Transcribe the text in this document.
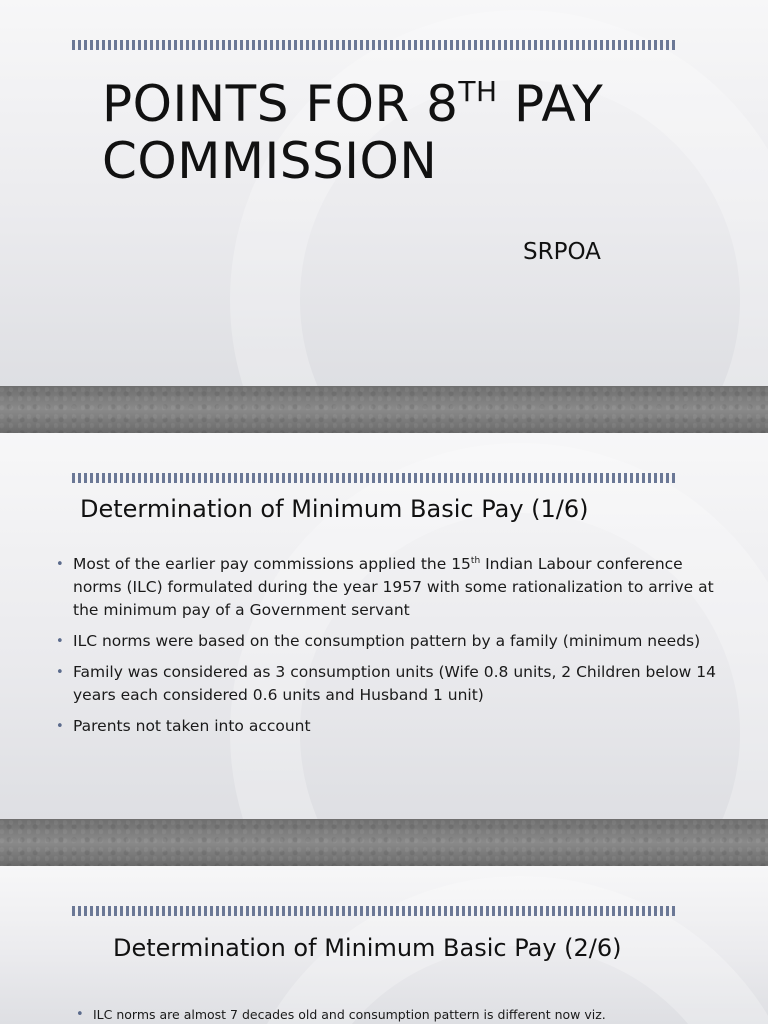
POINTS FOR 8TH PAY
COMMISSION
SRPOA
Determination of Minimum Basic Pay (1/6)
• Most of the earlier pay commissions applied the 15th Indian Labour conference norms (ILC) formulated during the year 1957 with some rationalization to arrive at the minimum pay of a Government servant
• ILC norms were based on the consumption pattern by a family (minimum needs)
• Family was considered as 3 consumption units (Wife 0.8 units, 2 Children below 14 years each considered 0.6 units and Husband 1 unit)
• Parents not taken into account
Determination of Minimum Basic Pay (2/6)
• ILC norms are almost 7 decades old and consumption pattern is different now viz.
